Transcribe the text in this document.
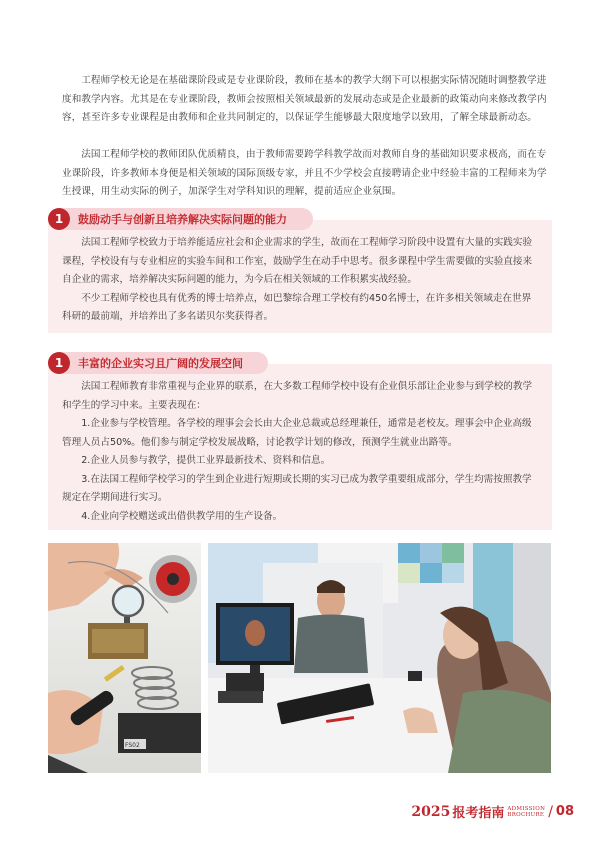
工程师学校无论是在基础课阶段或是专业课阶段，教师在基本的教学大纲下可以根据实际情况随时调整教学进度和教学内容。尤其是在专业课阶段，教师会按照相关领域最新的发展动态或是企业最新的政策动向来修改教学内容，甚至许多专业课程是由教师和企业共同制定的，以保证学生能够最大限度地学以致用，了解全球最新动态。

法国工程师学校的教师团队优质精良，由于教师需要跨学科教学故而对教师自身的基础知识要求极高，而在专业课阶段，许多教师本身便是相关领域的国际顶级专家，并且不少学校会直接聘请企业中经验丰富的工程师来为学生授课，用生动实际的例子，加深学生对学科知识的理解，提前适应企业氛围。

法国工程师学校致力于培养能适应社会和企业需求的学生，故而在工程师学习阶段中设置有大量的实践实验课程，学校设有与专业相应的实验车间和工作室，鼓励学生在动手中思考。很多课程中学生需要做的实验直接来自企业的需求，培养解决实际问题的能力，为今后在相关领域的工作积累实战经验。

不少工程师学校也具有优秀的博士培养点，如巴黎综合理工学校有约450名博士，在许多相关领域走在世界科研的最前端，并培养出了多名诺贝尔奖获得者。

1	鼓励动手与创新且培养解决实际问题的能力

法国工程师教育非常重视与企业界的联系，在大多数工程师学校中设有企业俱乐部让企业参与到学校的教学和学生的学习中来。主要表现在：

1.企业参与学校管理。各学校的理事会会长由大企业总裁或总经理兼任，通常是老校友。理事会中企业高级管理人员占50%。他们参与制定学校发展战略，讨论教学计划的修改，预测学生就业出路等。

2.企业人员参与教学，提供工业界最新技术、资料和信息。

3.在法国工程师学校学习的学生到企业进行短期或长期的实习已成为教学重要组成部分，学生均需按照教学规定在学期间进行实习。

4.企业向学校赠送或出借供教学用的生产设备。

1	丰富的企业实习且广阔的发展空间
FS02
2025 报考指南 ADMISSION
BROCHURE / 08
